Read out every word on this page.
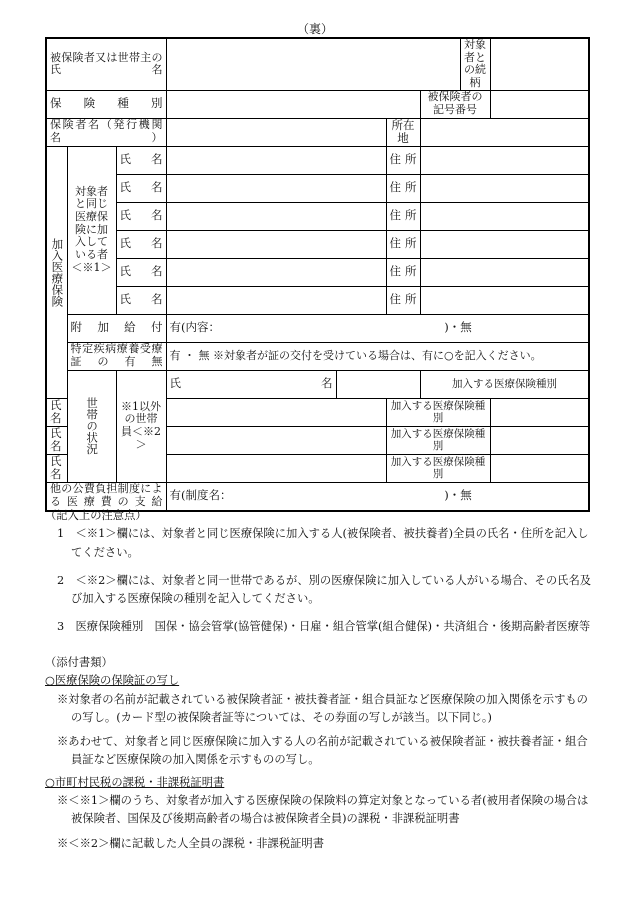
（裏）
被保険者又は世帯主の氏名							対象者との続柄		
保険種別						被保険者の記号番号			
保険者名（発行機関名）					所在地				
加入医療保険	対象者と同じ医療保険に加入している者＜※1＞	氏名			住所				
		氏名			住所				
		氏名			住所				
		氏名			住所				
		氏名			住所				
		氏名			住所				
	附加給付		有(内容：　　　　　　　　　　　　　　　　　　　　)・無						
	特定疾病療養受療証の有無		有 ・ 無 ※対象者が証の交付を受けている場合は、有に○を記入ください。						
	世帯の状況	※1以外の世帯員＜※2＞	氏名			加入する医療保険種別			
氏名					加入する医療保険種別				
氏名					加入する医療保険種別				
氏名					加入する医療保険種別				
他の公費負担制度による医療費の支給			有(制度名：　　　　　　　　　　　　　　　　　　　)・無						

（記入上の注意点）

1　＜※1＞欄には、対象者と同じ医療保険に加入する人(被保険者、被扶養者)全員の氏名・住所を記入してください。

2　＜※2＞欄には、対象者と同一世帯であるが、別の医療保険に加入している人がいる場合、その氏名及び加入する医療保険の種別を記入してください。

3　医療保険種別　国保・協会管掌(協管健保)・日雇・組合管掌(組合健保)・共済組合・後期高齢者医療等

（添付書類）

○医療保険の保険証の写し

※対象者の名前が記載されている被保険者証・被扶養者証・組合員証など医療保険の加入関係を示すものの写し。(カード型の被保険者証等については、その券面の写しが該当。以下同じ。)

※あわせて、対象者と同じ医療保険に加入する人の名前が記載されている被保険者証・被扶養者証・組合員証など医療保険の加入関係を示すものの写し。

○市町村民税の課税・非課税証明書

※＜※1＞欄のうち、対象者が加入する医療保険の保険料の算定対象となっている者(被用者保険の場合は被保険者、国保及び後期高齢者の場合は被保険者全員)の課税・非課税証明書

※＜※2＞欄に記載した人全員の課税・非課税証明書
